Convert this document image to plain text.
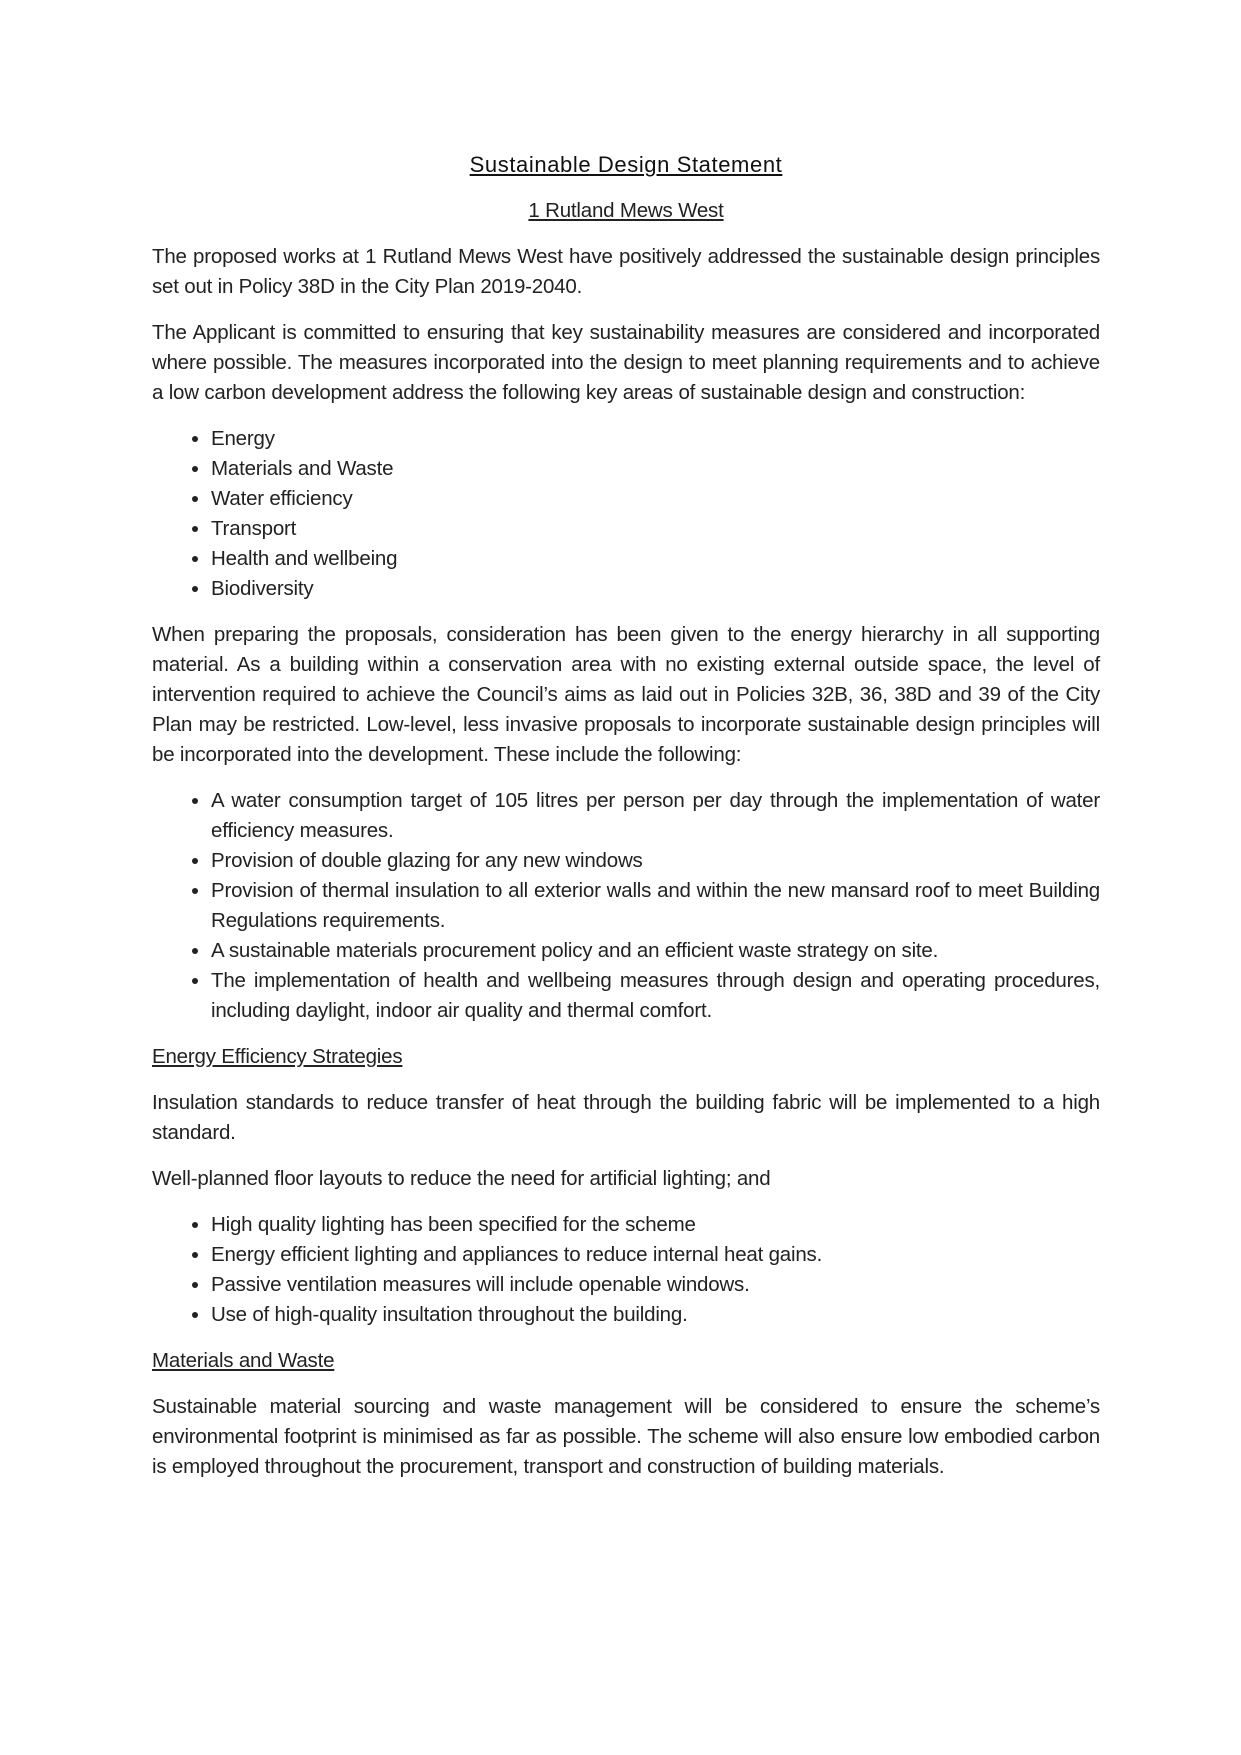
Sustainable Design Statement
1 Rutland Mews West

The proposed works at 1 Rutland Mews West have positively addressed the sustainable design principles set out in Policy 38D in the City Plan 2019-2040.

The Applicant is committed to ensuring that key sustainability measures are considered and incorporated where possible. The measures incorporated into the design to meet planning requirements and to achieve a low carbon development address the following key areas of sustainable design and construction:

• Energy
• Materials and Waste
• Water efficiency
• Transport
• Health and wellbeing
• Biodiversity

When preparing the proposals, consideration has been given to the energy hierarchy in all supporting material. As a building within a conservation area with no existing external outside space, the level of intervention required to achieve the Council’s aims as laid out in Policies 32B, 36, 38D and 39 of the City Plan may be restricted. Low-level, less invasive proposals to incorporate sustainable design principles will be incorporated into the development. These include the following:

• A water consumption target of 105 litres per person per day through the implementation of water efficiency measures.
• Provision of double glazing for any new windows
• Provision of thermal insulation to all exterior walls and within the new mansard roof to meet Building Regulations requirements.
• A sustainable materials procurement policy and an efficient waste strategy on site.
• The implementation of health and wellbeing measures through design and operating procedures, including daylight, indoor air quality and thermal comfort.
Energy Efficiency Strategies

Insulation standards to reduce transfer of heat through the building fabric will be implemented to a high standard.

Well-planned floor layouts to reduce the need for artificial lighting; and

• High quality lighting has been specified for the scheme
• Energy efficient lighting and appliances to reduce internal heat gains.
• Passive ventilation measures will include openable windows.
• Use of high-quality insultation throughout the building.
Materials and Waste

Sustainable material sourcing and waste management will be considered to ensure the scheme’s environmental footprint is minimised as far as possible. The scheme will also ensure low embodied carbon is employed throughout the procurement, transport and construction of building materials.
